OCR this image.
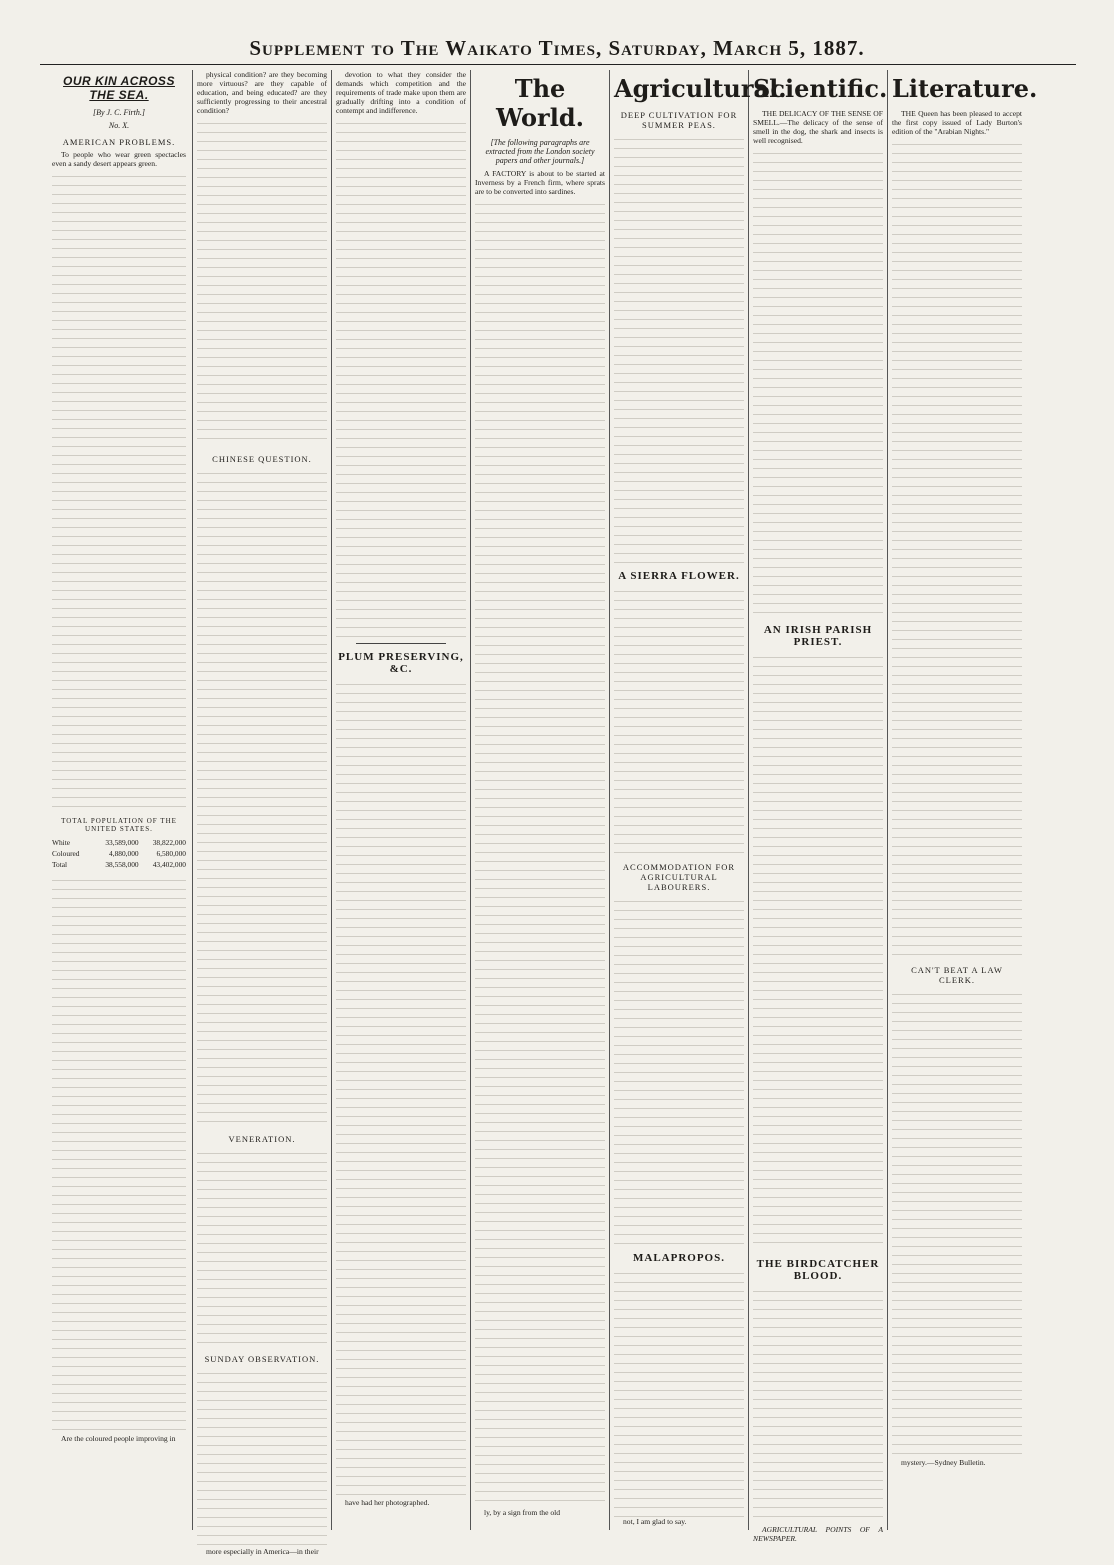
Supplement to The Waikato Times, Saturday, March 5, 1887.
OUR KIN ACROSS THE SEA.
[By J. C. Firth.]
No. X.
AMERICAN PROBLEMS.

To people who wear green spectacles even a sandy desert appears green.

TOTAL POPULATION OF THE UNITED STATES.
White	33,589,000	38,822,000
Coloured	4,880,000	6,580,000
Total	38,558,000	43,402,000

Are the coloured people improving in

physical condition? are they becoming more virtuous? are they capable of education, and being educated? are they sufficiently progressing to their ancestral condition?

CHINESE QUESTION.
VENERATION.
SUNDAY OBSERVATION.

more especially in America—in their

devotion to what they consider the demands which competition and the requirements of trade make upon them are gradually drifting into a condition of contempt and indifference.

PLUM PRESERVING, &C.

have had her photographed.

The World.
[The following paragraphs are extracted from the London society papers and other journals.]

A FACTORY is about to be started at Inverness by a French firm, where sprats are to be converted into sardines.

ly, by a sign from the old

Agricultural.
DEEP CULTIVATION FOR SUMMER PEAS.
A SIERRA FLOWER.
ACCOMMODATION FOR AGRICULTURAL LABOURERS.
MALAPROPOS.

not, I am glad to say.

Scientific.

THE DELICACY OF THE SENSE OF SMELL.—The delicacy of the sense of smell in the dog, the shark and insects is well recognised.

AN IRISH PARISH PRIEST.
THE BIRDCATCHER BLOOD.

AGRICULTURAL POINTS OF A NEWSPAPER.

Literature.

THE Queen has been pleased to accept the first copy issued of Lady Burton's edition of the "Arabian Nights."

CAN'T BEAT A LAW CLERK.

mystery.—Sydney Bulletin.
